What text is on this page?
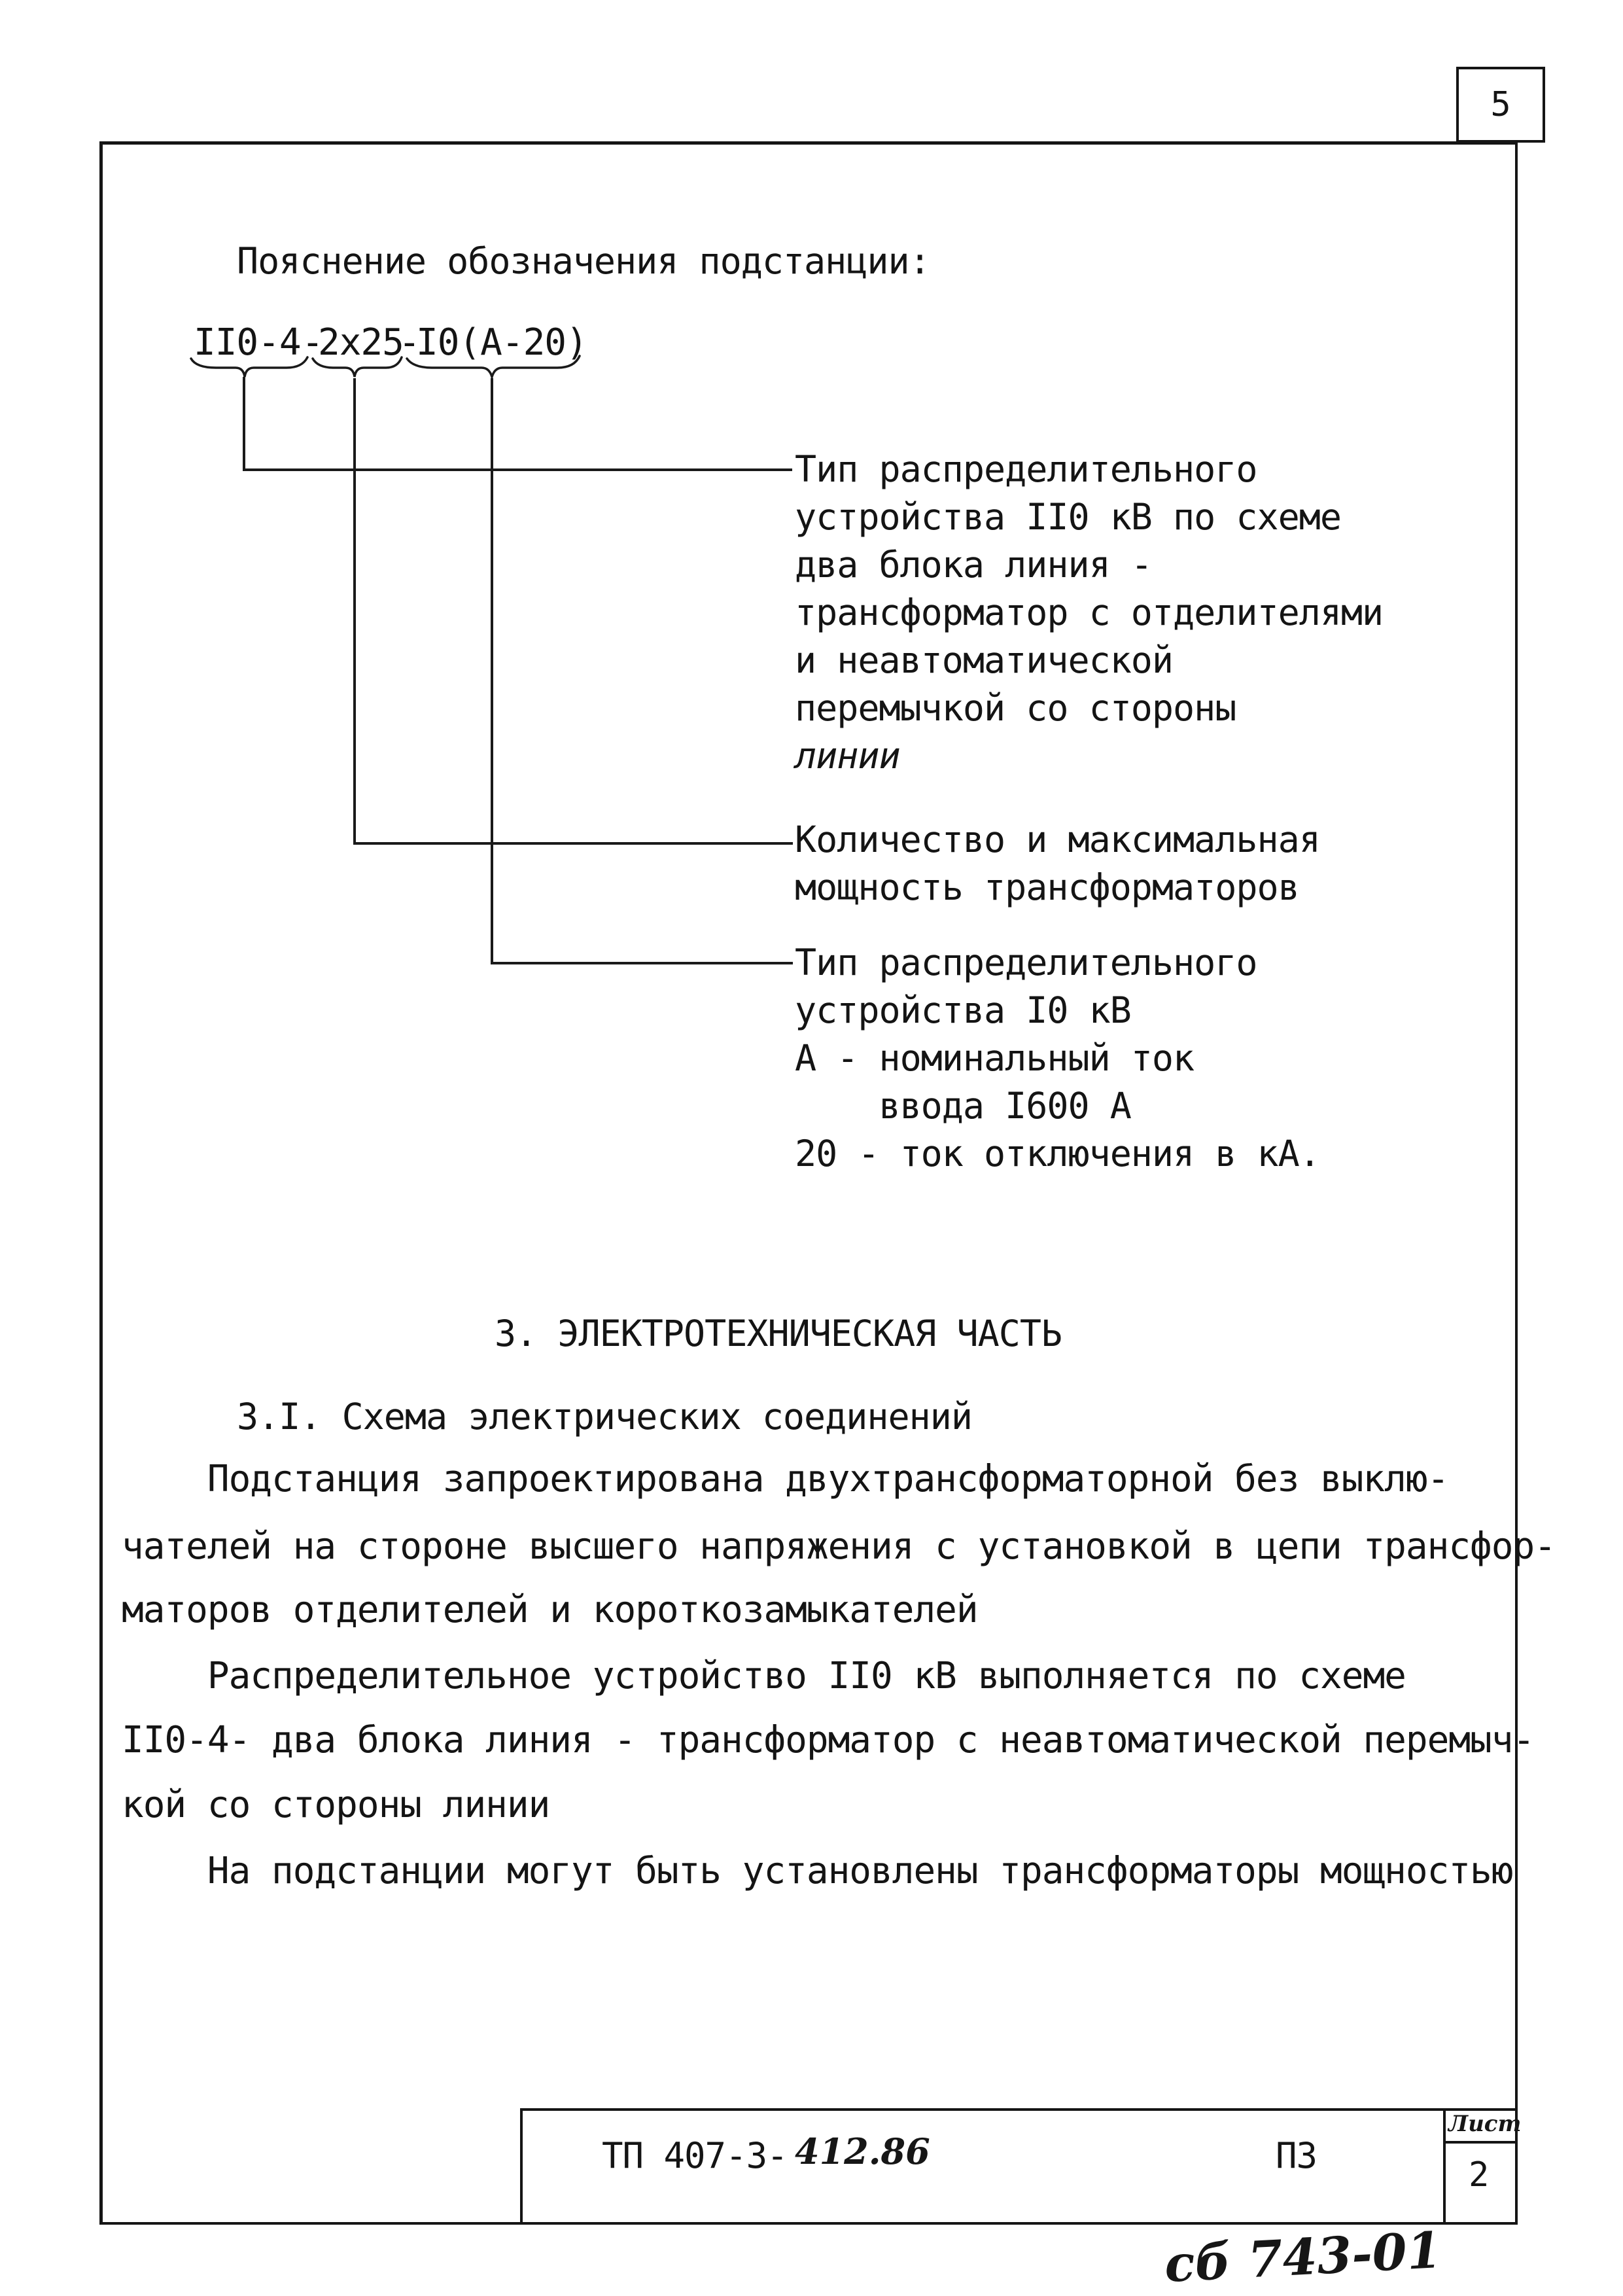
5
Пояснение обозначения подстанции:
II0-4 -
2x25
-
I0(A-20)
Тип распределительного
устройства II0 кВ по схеме
два блока линия -
трансформатор с отделителями
и неавтоматической
перемычкой со стороны
линии
Количество и максимальная
мощность трансформаторов
Тип распределительного
устройства I0 кВ
A - номинальный ток
ввода I600 А
20 - ток отключения в кА.
3. ЭЛЕКТРОТЕХНИЧЕСКАЯ ЧАСТЬ
3.I. Схема электрических соединений
Подстанция запроектирована двухтрансформаторной без выклю-
чателей на стороне высшего напряжения с установкой в цепи трансфор-
маторов отделителей и короткозамыкателей
Распределительное устройство II0 кВ выполняется по схеме
II0-4- два блока линия - трансформатор с неавтоматической перемыч-
кой со стороны линии
На подстанции могут быть установлены трансформаторы мощностью
ТП 407-3- 412.86	ПЗ
Лист
2
сб 743-01
